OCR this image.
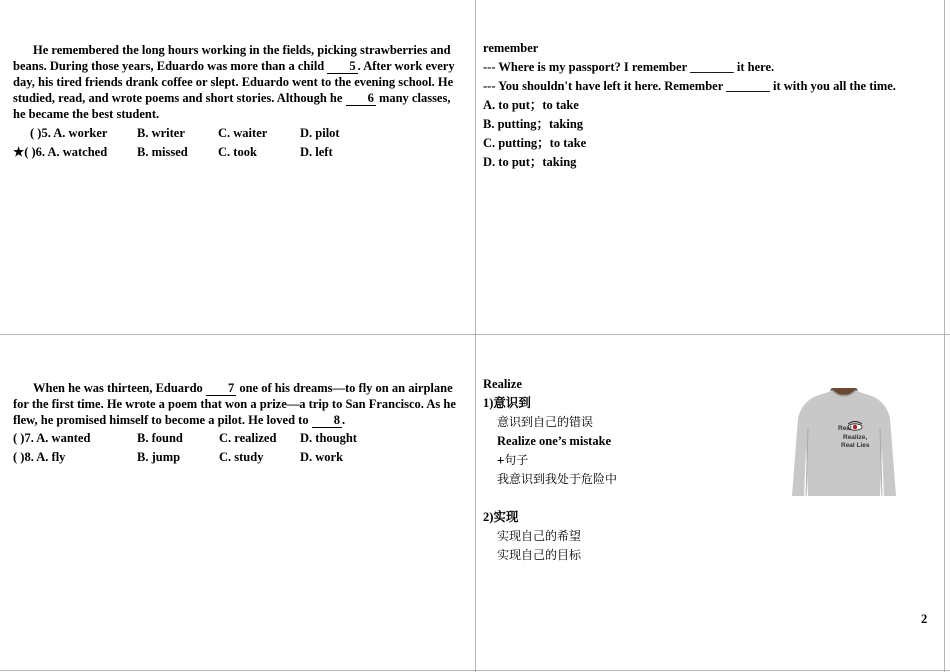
He remembered the long hours working in the fields, picking strawberries and beans. During those years, Eduardo was more than a child 5 . After work every day, his tired friends drank coffee or slept. Eduardo went to the evening school. He studied, read, and wrote poems and short stories. Although he 6 many classes, he became the best student.
( )5. A. worker B. writer	C. waiter	D. pilot
★( )6. A. watched B. missed C. took	D. left
remember
--- Where is my passport? I remember _______ it here.
--- You shouldn't have left it here. Remember _______ it with you all the time.
A. to put；to take
B. putting；taking
C. putting；to take
D. to put；taking
When he was thirteen, Eduardo 7 one of his dreams—to fly on an airplane for the first time. He wrote a poem that won a prize—a trip to San Francisco. As he flew, he promised himself to become a pilot. He loved to 8 .
( )7. A. wanted	B. found	C. realized D. thought
( )8. A. fly	B. jump	C. study	D. work
Realize
1)意识到
意识到自己的错误
Realize one’s mistake
+句子
我意识到我处于危险中
2)实现
实现自己的希望
实现自己的目标
Real
Realize,
Real Lies
2
